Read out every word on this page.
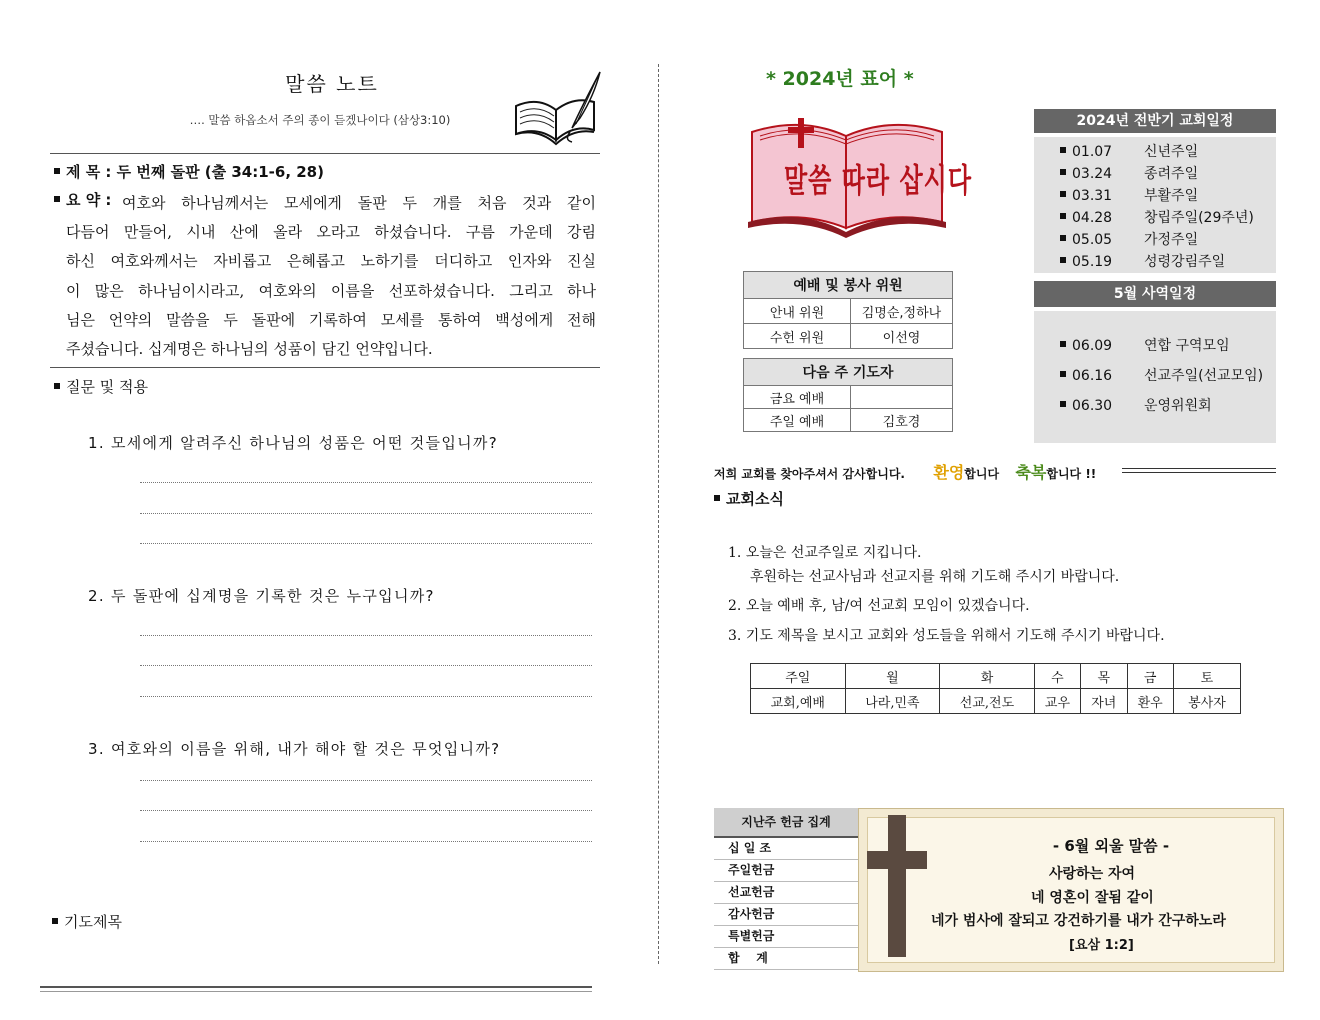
말씀 노트
…. 말씀 하옵소서 주의 종이 듣겠나이다 (삼상3:10)
제 목 : 두 번째 돌판 (출 34:1-6, 28)
요 약 : 여호와 하나님께서는 모세에게 돌판 두 개를 처음 것과 같이
다듬어 만들어, 시내 산에 올라 오라고 하셨습니다. 구름 가운데 강림
하신 여호와께서는 자비롭고 은혜롭고 노하기를 더디하고 인자와 진실
이 많은 하나님이시라고, 여호와의 이름을 선포하셨습니다. 그리고 하나
님은 언약의 말씀을 두 돌판에 기록하여 모세를 통하여 백성에게 전해
주셨습니다. 십계명은 하나님의 성품이 담긴 언약입니다.
질문 및 적용
1. 모세에게 알려주신 하나님의 성품은 어떤 것들입니까?
2. 두 돌판에 십계명을 기록한 것은 누구입니까?
3. 여호와의 이름을 위해, 내가 해야 할 것은 무엇입니까?
기도제목
* 2024년 표어 *
말씀 따라 삽시다
2024년 전반기 교회일정
01.07 신년주일
03.24 종려주일
03.31 부활주일
04.28 창립주일(29주년)
05.05 가정주일
05.19 성령강림주일
5월 사역일정
06.09 연합 구역모임
06.16 선교주일(선교모임)
06.30 운영위원회
예배 및 봉사 위원	
안내 위원	김명순,정하나
수헌 위원	이선영
다음 주 기도자	
금요 예배	
주일 예배	김호경
저희 교회를 찾아주셔서 감사합니다. 환영합니다 축복합니다 !!
교회소식
1. 오늘은 선교주일로 지킵니다.
후원하는 선교사님과 선교지를 위해 기도해 주시기 바랍니다.
2. 오늘 예배 후, 남/여 선교회 모임이 있겠습니다.
3. 기도 제목을 보시고 교회와 성도들을 위해서 기도해 주시기 바랍니다.
주일	월	화	수	목	금	토
교회,예배	나라,민족	선교,전도	교우	자녀	환우	봉사자
지난주 헌금 집계
십 일 조
주일헌금
선교헌금
감사헌금
특별헌금
합    계
- 6월 외울 말씀 -
사랑하는 자여
네 영혼이 잘됨 같이
네가 범사에 잘되고 강건하기를 내가 간구하노라
[요삼 1:2]
